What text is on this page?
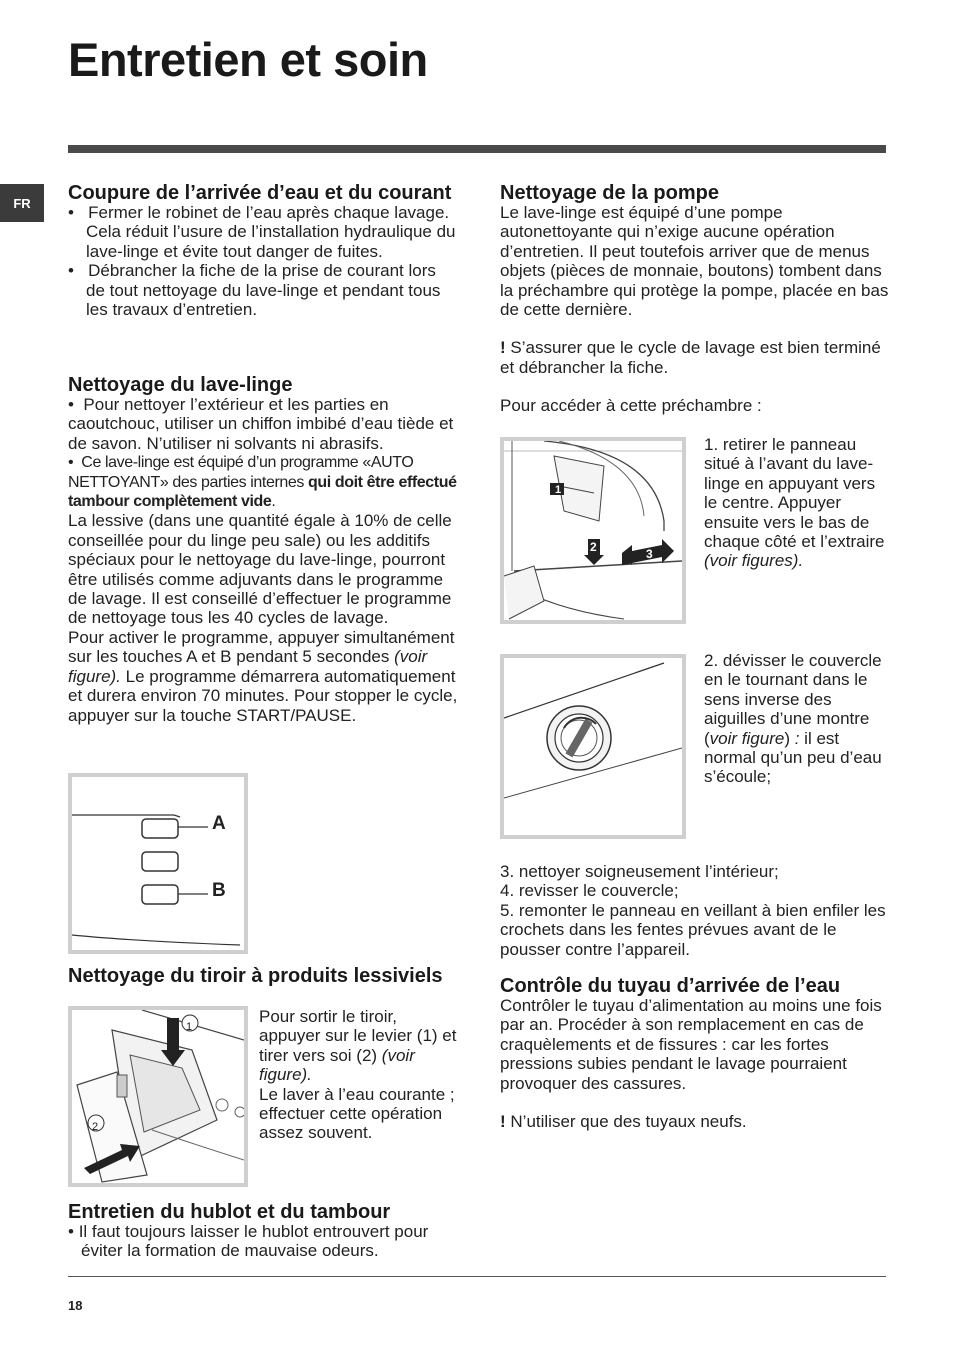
Entretien et soin
FR	Coupure de l’arrivée d’eau et du courant

•   Fermer le robinet de l’eau après chaque lavage. Cela réduit l’usure de l’installation hydraulique du lave-linge et évite tout danger de fuites.

•   Débrancher la fiche de la prise de courant lors de tout nettoyage du lave-linge et pendant tous les travaux d’entretien.

Nettoyage du lave-linge

•  Pour nettoyer l’extérieur et les parties en caoutchouc, utiliser un chiffon imbibé d’eau tiède et de savon. N’utiliser ni solvants ni abrasifs.

•  Ce lave-linge est équipé d’un programme «AUTO NETTOYANT» des parties internes qui doit être effectué tambour complètement vide.

La lessive (dans une quantité égale à 10% de celle conseillée pour du linge peu sale) ou les additifs spéciaux pour le nettoyage du lave-linge, pourront être utilisés comme adjuvants dans le programme de lavage. Il est conseillé d’effectuer le programme de nettoyage tous les 40 cycles de lavage.

Pour activer le programme, appuyer simultanément sur les touches A et B pendant 5 secondes (voir figure). Le programme démarrera automatiquement et durera environ 70 minutes. Pour stopper le cycle, appuyer sur la touche START/PAUSE.

A
B
Nettoyage du tiroir à produits lessiviels
1
2

Pour sortir le tiroir, appuyer sur le levier (1) et tirer vers soi (2) (voir figure).

Le laver à l’eau courante ; effectuer cette opération assez souvent.

Entretien du hublot et du tambour

• Il faut toujours laisser le hublot entrouvert pour éviter la formation de mauvaise odeurs.

Nettoyage de la pompe

Le lave-linge est équipé d’une pompe autonettoyante qui n’exige aucune opération d’entretien. Il peut toutefois arriver que de menus objets (pièces de monnaie, boutons) tombent dans la préchambre qui protège la pompe, placée en bas de cette dernière.

! S’assurer que le cycle de lavage est bien terminé et débrancher la fiche.

Pour accéder à cette préchambre :

1
2	3

1. retirer le panneau situé à l’avant du lave-linge en appuyant vers le centre. Appuyer ensuite vers le bas de chaque côté et l’extraire (voir figures).

2. dévisser le couvercle en le tournant dans le sens inverse des aiguilles d’une montre (voir figure) : il est normal qu’un peu d’eau s’écoule;

3. nettoyer soigneusement l’intérieur;

4. revisser le couvercle;

5. remonter le panneau en veillant à bien enfiler les crochets dans les fentes prévues avant de le pousser contre l’appareil.

Contrôle du tuyau d’arrivée de l’eau

Contrôler le tuyau d’alimentation au moins une fois par an. Procéder à son remplacement en cas de craquèlements et de fissures : car les fortes pressions subies pendant le lavage pourraient provoquer des cassures.

! N’utiliser que des tuyaux neufs.

18
